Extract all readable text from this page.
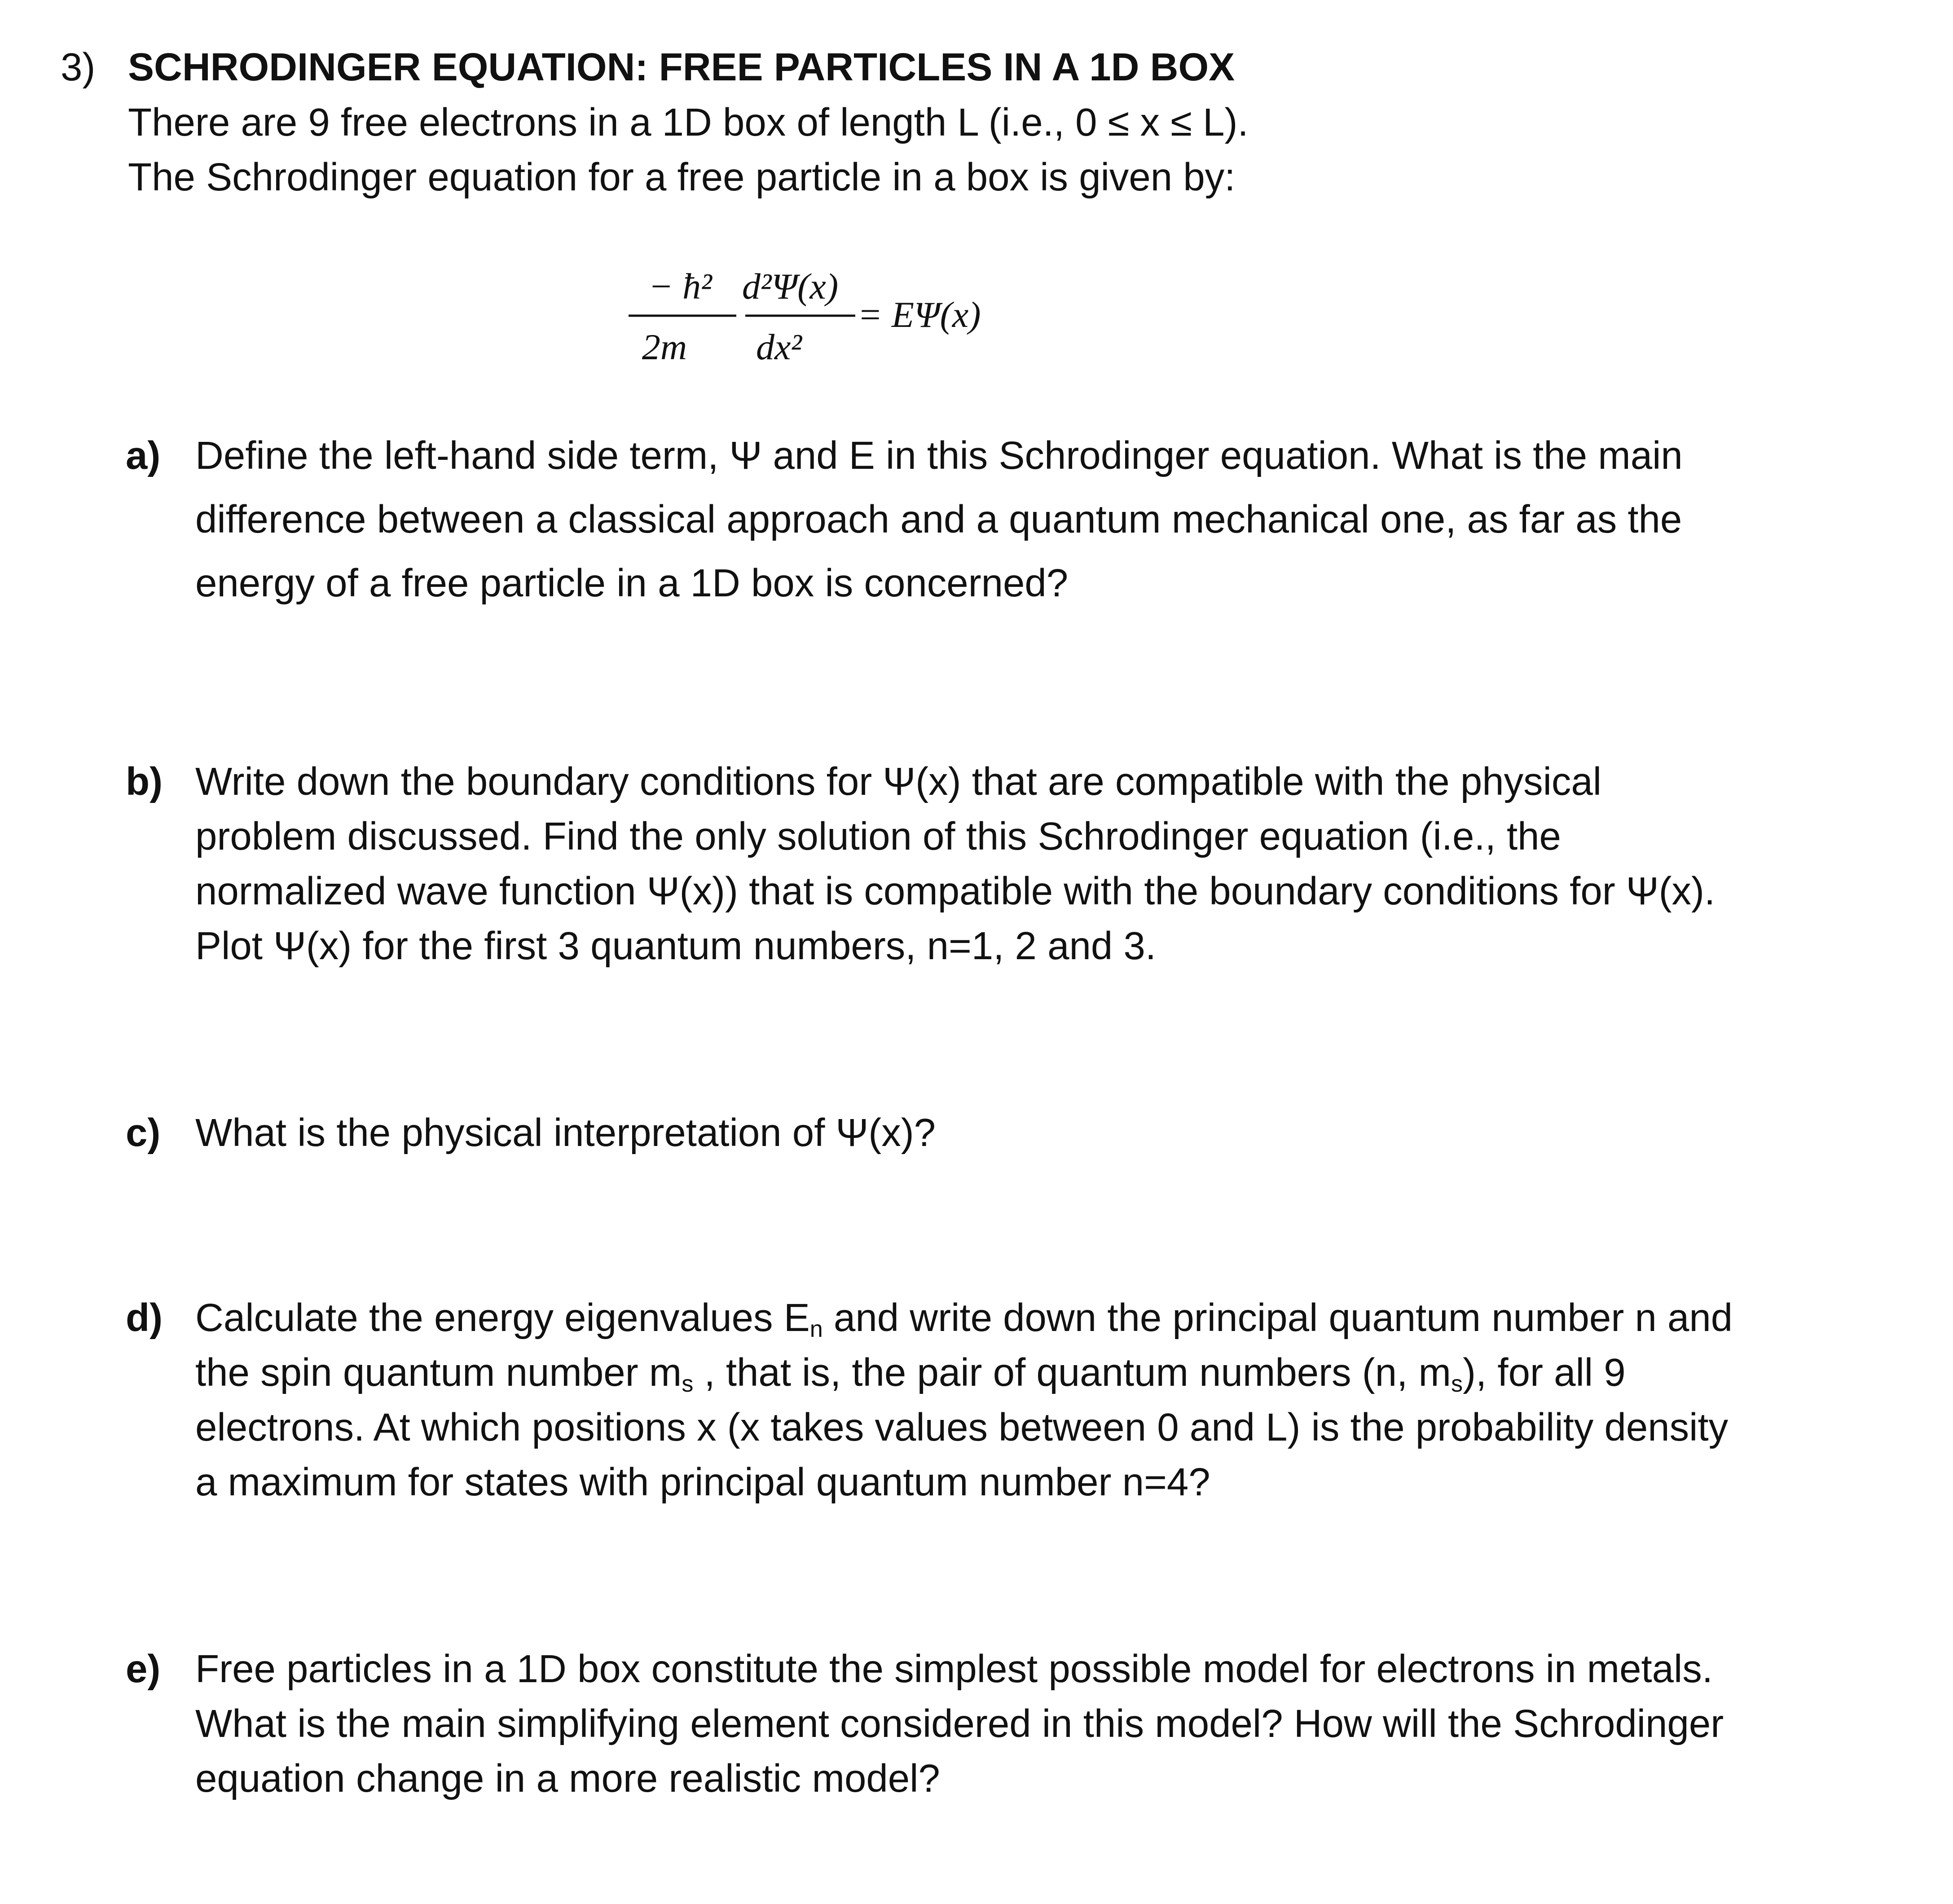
3) SCHRODINGER EQUATION: FREE PARTICLES IN A 1D BOX
There are 9 free electrons in a 1D box of length L (i.e., 0 ≤ x ≤ L).
The Schrodinger equation for a free particle in a box is given by:
− ħ²
2m
d²Ψ(x)
dx²
= EΨ(x)
a) Define the left-hand side term, Ψ and E in this Schrodinger equation. What is the main
difference between a classical approach and a quantum mechanical one, as far as the
energy of a free particle in a 1D box is concerned?
b) Write down the boundary conditions for Ψ(x) that are compatible with the physical
problem discussed. Find the only solution of this Schrodinger equation (i.e., the
normalized wave function Ψ(x)) that is compatible with the boundary conditions for Ψ(x).
Plot Ψ(x) for the first 3 quantum numbers, n=1, 2 and 3.
c) What is the physical interpretation of Ψ(x)?
d) Calculate the energy eigenvalues $E_n$ and write down the principal quantum number n and
the spin quantum number $m_s$ , that is, the pair of quantum numbers (n, $m_s$), for all 9
electrons. At which positions x (x takes values between 0 and L) is the probability density
a maximum for states with principal quantum number n=4?
e) Free particles in a 1D box constitute the simplest possible model for electrons in metals.
What is the main simplifying element considered in this model? How will the Schrodinger
equation change in a more realistic model?
